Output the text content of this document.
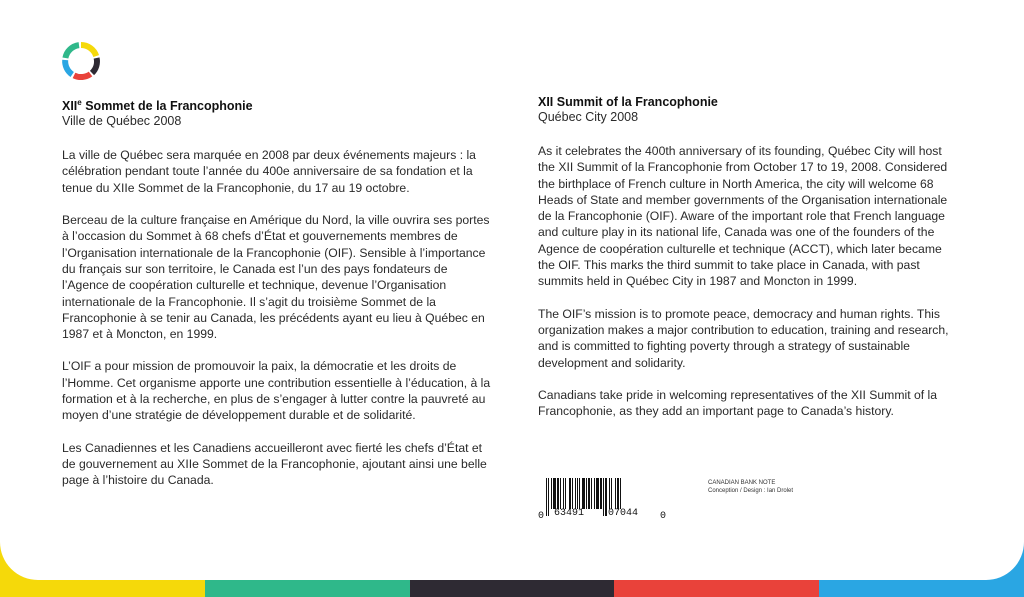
XIIe Sommet de la Francophonie
Ville de Québec 2008

La ville de Québec sera marquée en 2008 par deux événements majeurs : la célébration pendant toute l’année du 400e anniversaire de sa fondation et la tenue du XIIe Sommet de la Francophonie, du 17 au 19 octobre.

Berceau de la culture française en Amérique du Nord, la ville ouvrira ses portes à l’occasion du Sommet à 68 chefs d’État et gouvernements membres de l’Organisation internationale de la Francophonie (OIF). Sensible à l’importance du français sur son territoire, le Canada est l’un des pays fondateurs de l’Agence de coopération culturelle et technique, devenue l’Organisation internationale de la Francophonie. Il s’agit du troisième Sommet de la Francophonie à se tenir au Canada, les précédents ayant eu lieu à Québec en 1987 et à Moncton, en 1999.

L’OIF a pour mission de promouvoir la paix, la démocratie et les droits de l’Homme. Cet organisme apporte une contribution essentielle à l’éducation, à la formation et à la recherche, en plus de s’engager à lutter contre la pauvreté au moyen d’une stratégie de développement durable et de solidarité.

Les Canadiennes et les Canadiens accueilleront avec fierté les chefs d’État et de gouvernement au XIIe Sommet de la Francophonie, ajoutant ainsi une belle page à l’histoire du Canada.

XII Summit of la Francophonie
Québec City 2008

As it celebrates the 400th anniversary of its founding, Québec City will host the XII Summit of la Francophonie from October 17 to 19, 2008. Considered the birthplace of French culture in North America, the city will welcome 68 Heads of State and member governments of the Organisation internationale de la Francophonie (OIF). Aware of the important role that French language and culture play in its national life, Canada was one of the founders of the Agence de coopération culturelle et technique (ACCT), which later became the OIF. This marks the third summit to take place in Canada, with past summits held in Québec City in 1987 and Moncton in 1999.

The OIF’s mission is to promote peace, democracy and human rights. This organization makes a major contribution to education, training and research, and is committed to fighting poverty through a strategy of sustainable development and solidarity.

Canadians take pride in welcoming representatives of the XII Summit of la Francophonie, as they add an important page to Canada’s history.

0 63491 07044 0
CANADIAN BANK NOTE
Conception / Design : Ian Drolet
